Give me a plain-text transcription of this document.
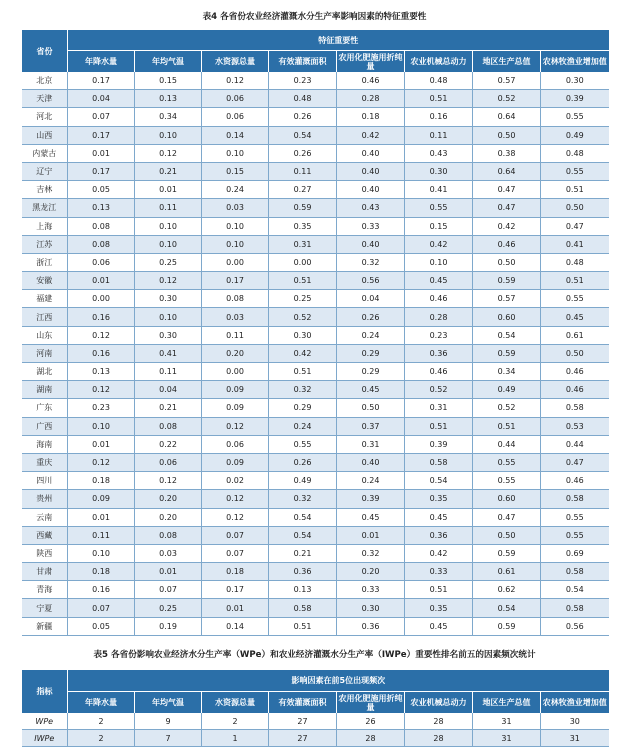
表4 各省份农业经济灌溉水分生产率影响因素的特征重要性
省份	特征重要性							
	年降水量	年均气温	水资源总量	有效灌溉面积	农用化肥施用折纯量	农业机械总动力	地区生产总值	农林牧渔业增加值
北京	0.17	0.15	0.12	0.23	0.46	0.48	0.57	0.30
天津	0.04	0.13	0.06	0.48	0.28	0.51	0.52	0.39
河北	0.07	0.34	0.06	0.26	0.18	0.16	0.64	0.55
山西	0.17	0.10	0.14	0.54	0.42	0.11	0.50	0.49
内蒙古	0.01	0.12	0.10	0.26	0.40	0.43	0.38	0.48
辽宁	0.17	0.21	0.15	0.11	0.40	0.30	0.64	0.55
吉林	0.05	0.01	0.24	0.27	0.40	0.41	0.47	0.51
黑龙江	0.13	0.11	0.03	0.59	0.43	0.55	0.47	0.50
上海	0.08	0.10	0.10	0.35	0.33	0.15	0.42	0.47
江苏	0.08	0.10	0.10	0.31	0.40	0.42	0.46	0.41
浙江	0.06	0.25	0.00	0.00	0.32	0.10	0.50	0.48
安徽	0.01	0.12	0.17	0.51	0.56	0.45	0.59	0.51
福建	0.00	0.30	0.08	0.25	0.04	0.46	0.57	0.55
江西	0.16	0.10	0.03	0.52	0.26	0.28	0.60	0.45
山东	0.12	0.30	0.11	0.30	0.24	0.23	0.54	0.61
河南	0.16	0.41	0.20	0.42	0.29	0.36	0.59	0.50
湖北	0.13	0.11	0.00	0.51	0.29	0.46	0.34	0.46
湖南	0.12	0.04	0.09	0.32	0.45	0.52	0.49	0.46
广东	0.23	0.21	0.09	0.29	0.50	0.31	0.52	0.58
广西	0.10	0.08	0.12	0.24	0.37	0.51	0.51	0.53
海南	0.01	0.22	0.06	0.55	0.31	0.39	0.44	0.44
重庆	0.12	0.06	0.09	0.26	0.40	0.58	0.55	0.47
四川	0.18	0.12	0.02	0.49	0.24	0.54	0.55	0.46
贵州	0.09	0.20	0.12	0.32	0.39	0.35	0.60	0.58
云南	0.01	0.20	0.12	0.54	0.45	0.45	0.47	0.55
西藏	0.11	0.08	0.07	0.54	0.01	0.36	0.50	0.55
陕西	0.10	0.03	0.07	0.21	0.32	0.42	0.59	0.69
甘肃	0.18	0.01	0.18	0.36	0.20	0.33	0.61	0.58
青海	0.16	0.07	0.17	0.13	0.33	0.51	0.62	0.54
宁夏	0.07	0.25	0.01	0.58	0.30	0.35	0.54	0.58
新疆	0.05	0.19	0.14	0.51	0.36	0.45	0.59	0.56
表5 各省份影响农业经济水分生产率（WPe）和农业经济灌溉水分生产率（IWPe）重要性排名前五的因素频次统计
指标	影响因素在前5位出现频次							
	年降水量	年均气温	水资源总量	有效灌溉面积	农用化肥施用折纯量	农业机械总动力	地区生产总值	农林牧渔业增加值
WPe	2	9	2	27	26	28	31	30
IWPe	2	7	1	27	28	28	31	31
